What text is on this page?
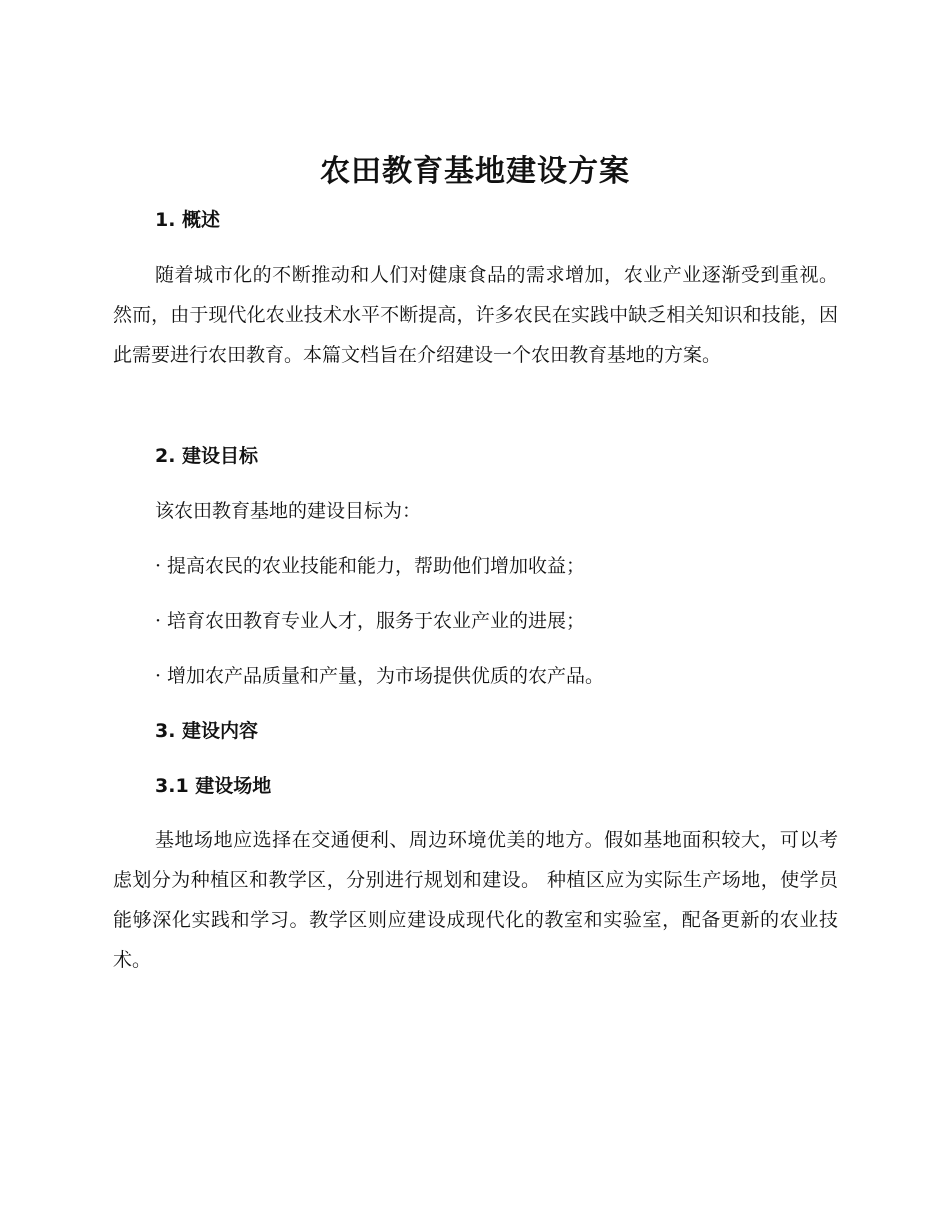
农田教育基地建设方案
1. 概述

随着城市化的不断推动和人们对健康食品的需求增加，农业产业逐渐受到重视。然而，由于现代化农业技术水平不断提高，许多农民在实践中缺乏相关知识和技能，因此需要进行农田教育。本篇文档旨在介绍建设一个农田教育基地的方案。

2. 建设目标

该农田教育基地的建设目标为：

· 提高农民的农业技能和能力，帮助他们增加收益；

· 培育农田教育专业人才，服务于农业产业的进展；

· 增加农产品质量和产量，为市场提供优质的农产品。

3. 建设内容
3.1 建设场地

基地场地应选择在交通便利、周边环境优美的地方。假如基地面积较大，可以考虑划分为种植区和教学区，分别进行规划和建设。 种植区应为实际生产场地，使学员能够深化实践和学习。教学区则应建设成现代化的教室和实验室，配备更新的农业技术。
